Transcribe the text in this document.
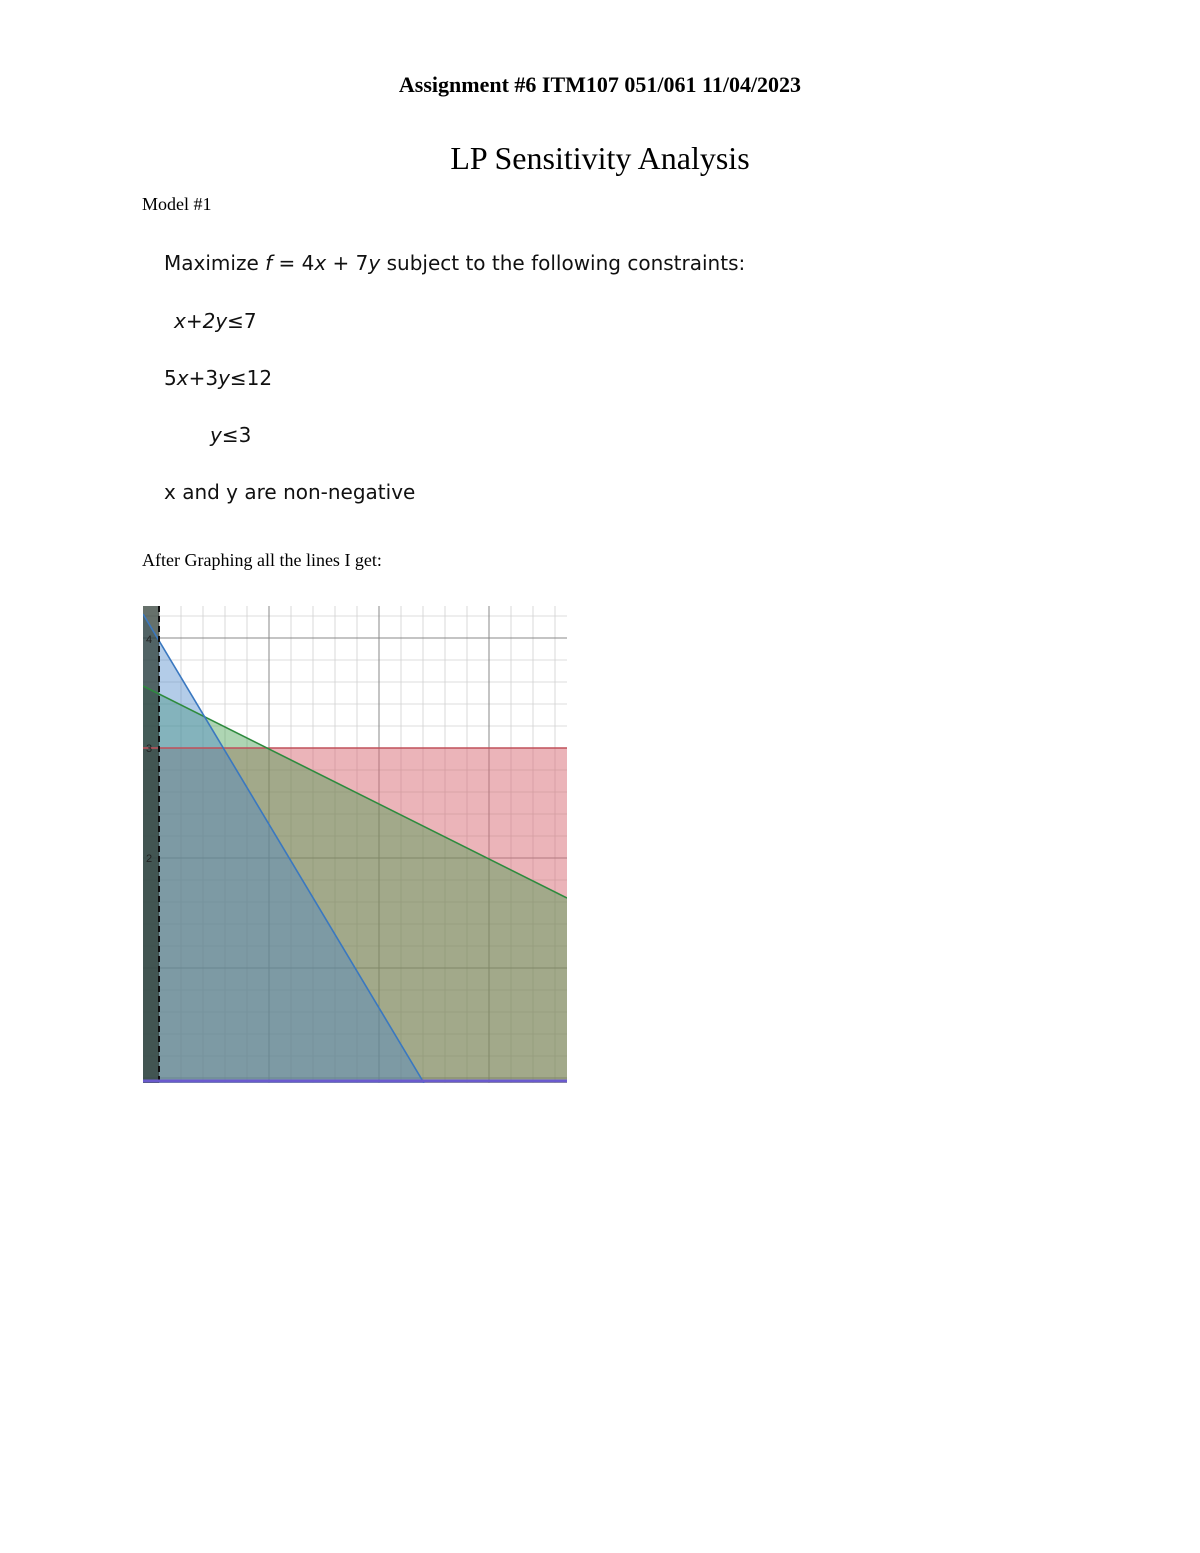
Assignment #6 ITM107 051/061 11/04/2023
LP Sensitivity Analysis
Model #1
Maximize f = 4x + 7y subject to the following constraints:
x+2y≤7
5x+3y≤12
y≤3
x and y are non-negative
After Graphing all the lines I get:
4
3
2
